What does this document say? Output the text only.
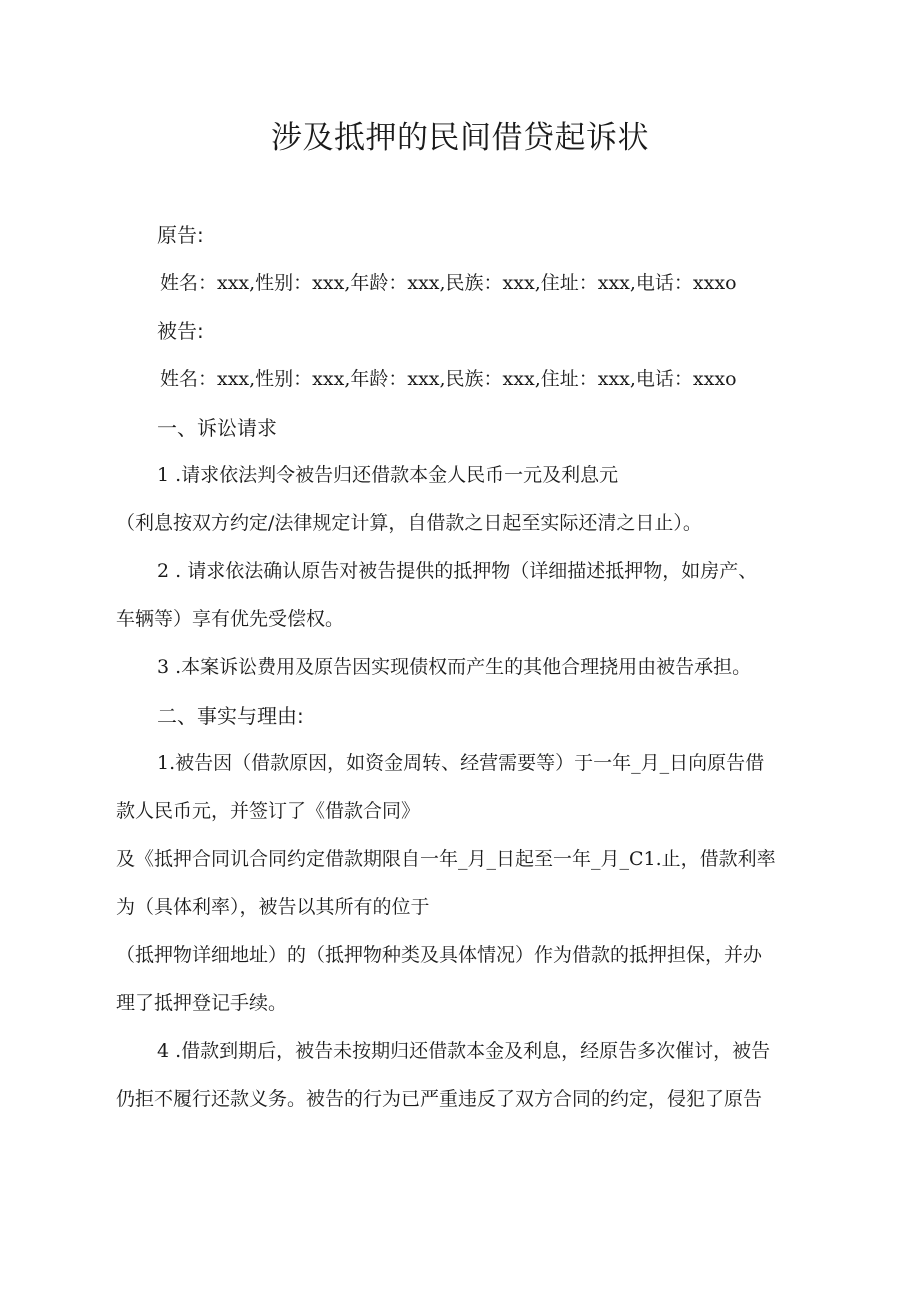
涉及抵押的民间借贷起诉状
原告:
姓名：xxx,性别：xxx,年龄：xxx,民族：xxx,住址：xxx,电话：xxxo
被告:
姓名：xxx,性别：xxx,年龄：xxx,民族：xxx,住址：xxx,电话：xxxo
一、诉讼请求
1 .请求依法判令被告归还借款本金人民币一元及利息元
（利息按双方约定/法律规定计算，自借款之日起至实际还清之日止）。
2 . 请求依法确认原告对被告提供的抵押物（详细描述抵押物，如房产、
车辆等）享有优先受偿权。
3 .本案诉讼费用及原告因实现债权而产生的其他合理挠用由被告承担。
二、事实与理由:
1.被告因（借款原因，如资金周转、经营需要等）于一年_月_日向原告借
款人民币元，并签订了《借款合同》
及《抵押合同讥合同约定借款期限自一年_月_日起至一年_月_C1.止，借款利率
为（具体利率），被告以其所有的位于
（抵押物详细地址）的（抵押物种类及具体情况）作为借款的抵押担保，并办
理了抵押登记手续。
4 .借款到期后，被告未按期归还借款本金及利息，经原告多次催讨，被告
仍拒不履行还款义务。被告的行为已严重违反了双方合同的约定，侵犯了原告
